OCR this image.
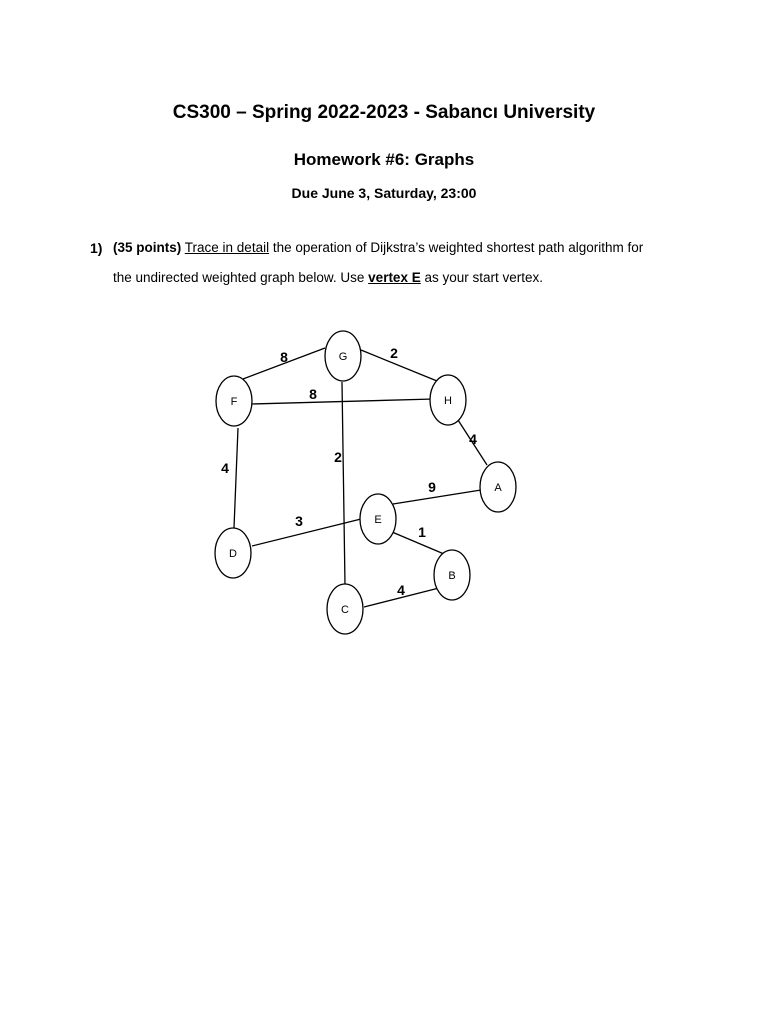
CS300 – Spring 2022-2023 - Sabancı University
Homework #6: Graphs
Due June 3, Saturday, 23:00
1) (35 points) Trace in detail the operation of Dijkstra’s weighted shortest path algorithm for
the undirected weighted graph below. Use vertex E as your start vertex.
G
F	H
A
E
D
B
C
8	2
8
4
4
2
9
3
1
4
